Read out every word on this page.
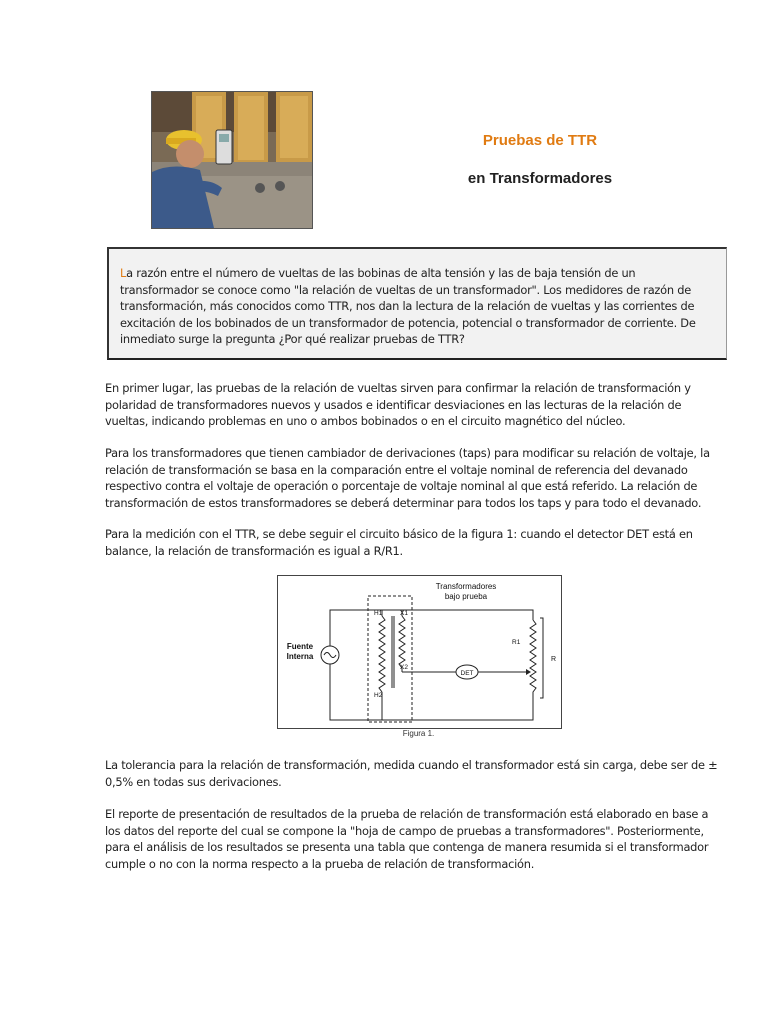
Pruebas de TTR
en Transformadores
La razón entre el número de vueltas de las bobinas de alta tensión y las de baja tensión de un transformador se conoce como "la relación de vueltas de un transformador". Los medidores de razón de transformación, más conocidos como TTR, nos dan la lectura de la relación de vueltas y las corrientes de excitación de los bobinados de un transformador de potencia, potencial o transformador de corriente. De inmediato surge la pregunta ¿Por qué realizar pruebas de TTR?

En primer lugar, las pruebas de la relación de vueltas sirven para confirmar la relación de transformación y polaridad de transformadores nuevos y usados e identificar desviaciones en las lecturas de la relación de vueltas, indicando problemas en uno o ambos bobinados o en el circuito magnético del núcleo.

Para los transformadores que tienen cambiador de derivaciones (taps) para modificar su relación de voltaje, la relación de transformación se basa en la comparación entre el voltaje nominal de referencia del devanado respectivo contra el voltaje de operación o porcentaje de voltaje nominal al que está referido. La relación de transformación de estos transformadores se deberá determinar para todos los taps y para todo el devanado.

Para la medición con el TTR, se debe seguir el circuito básico de la figura 1: cuando el detector DET está en balance, la relación de transformación es igual a R/R1.

Transformadores
bajo prueba
Fuente
Interna
H1
H2
X1
X2
DET
R1
R
Figura 1.

La tolerancia para la relación de transformación, medida cuando el transformador está sin carga, debe ser de ± 0,5% en todas sus derivaciones.

El reporte de presentación de resultados de la prueba de relación de transformación está elaborado en base a los datos del reporte del cual se compone la "hoja de campo de pruebas a transformadores". Posteriormente, para el análisis de los resultados se presenta una tabla que contenga de manera resumida si el transformador cumple o no con la norma respecto a la prueba de relación de transformación.
